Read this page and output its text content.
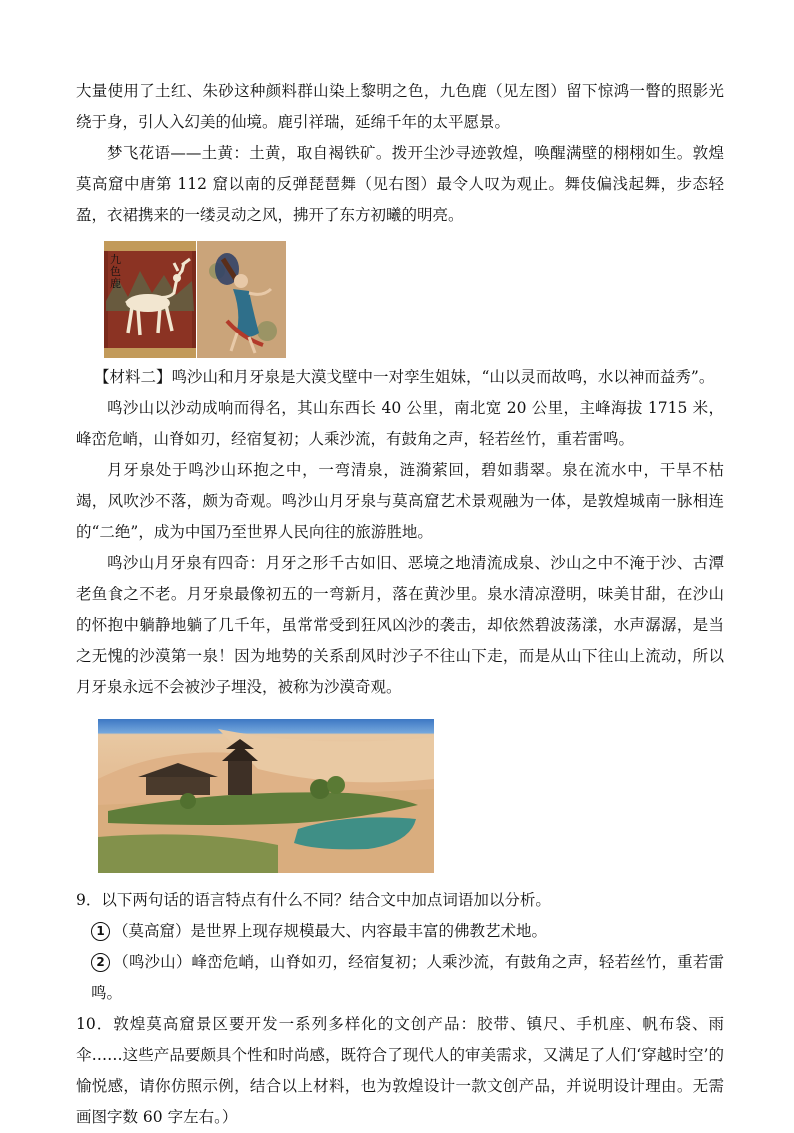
大量使用了土红、朱砂这种颜料群山染上黎明之色，九色鹿（见左图）留下惊鸿一瞥的照影光绕于身，引人入幻美的仙境。鹿引祥瑞，延绵千年的太平愿景。

梦飞花语——土黄：土黄，取自褐铁矿。拨开尘沙寻迹敦煌，唤醒满壁的栩栩如生。敦煌莫高窟中唐第 112 窟以南的反弹琵琶舞（见右图）最令人叹为观止。舞伎偏浅起舞，步态轻盈，衣裙携来的一缕灵动之风，拂开了东方初曦的明亮。

九
色
鹿

【材料二】鸣沙山和月牙泉是大漠戈壁中一对孪生姐妹，“山以灵而故鸣，水以神而益秀”。

鸣沙山以沙动成响而得名，其山东西长 40 公里，南北宽 20 公里，主峰海拔 1715 米，峰峦危峭，山脊如刃，经宿复初；人乘沙流，有鼓角之声，轻若丝竹，重若雷鸣。

月牙泉处于鸣沙山环抱之中，一弯清泉，涟漪萦回，碧如翡翠。泉在流水中，干旱不枯竭，风吹沙不落，颇为奇观。鸣沙山月牙泉与莫高窟艺术景观融为一体，是敦煌城南一脉相连的“二绝”，成为中国乃至世界人民向往的旅游胜地。

鸣沙山月牙泉有四奇：月牙之形千古如旧、恶境之地清流成泉、沙山之中不淹于沙、古潭老鱼食之不老。月牙泉最像初五的一弯新月，落在黄沙里。泉水清凉澄明，味美甘甜，在沙山的怀抱中躺静地躺了几千年，虽常常受到狂风凶沙的袭击，却依然碧波荡漾，水声潺潺，是当之无愧的沙漠第一泉！因为地势的关系刮风时沙子不往山下走，而是从山下往山上流动，所以月牙泉永远不会被沙子埋没，被称为沙漠奇观。

9．以下两句话的语言特点有什么不同？结合文中加点词语加以分析。

1 （莫高窟）是世界上现存规模最大、内容最丰富的佛教艺术地。

2 （鸣沙山）峰峦危峭，山脊如刃，经宿复初；人乘沙流，有鼓角之声，轻若丝竹，重若雷鸣。

10．敦煌莫高窟景区要开发一系列多样化的文创产品：胶带、镇尺、手机座、帆布袋、雨伞……这些产品要颇具个性和时尚感，既符合了现代人的审美需求，又满足了人们‘穿越时空’的愉悦感，请你仿照示例，结合以上材料，也为敦煌设计一款文创产品，并说明设计理由。无需画图字数 60 字左右。）
